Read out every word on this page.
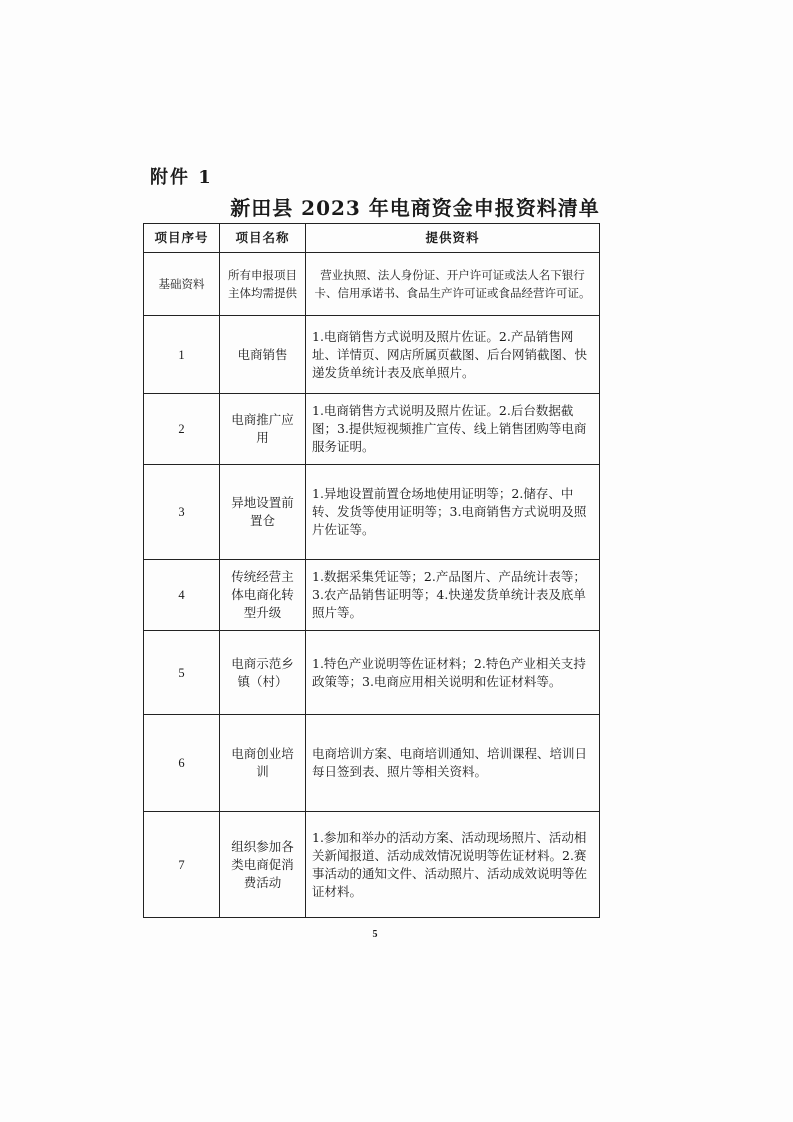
附件 1
新田县 2023 年电商资金申报资料清单
项目序号	项目名称	提供资料
基础资料	所有申报项目主体均需提供	营业执照、法人身份证、开户许可证或法人名下银行卡、信用承诺书、食品生产许可证或食品经营许可证。
1	电商销售	1.电商销售方式说明及照片佐证。2.产品销售网址、详情页、网店所属页截图、后台网销截图、快递发货单统计表及底单照片。
2	电商推广应用	1.电商销售方式说明及照片佐证。2.后台数据截图；3.提供短视频推广宣传、线上销售团购等电商服务证明。
3	异地设置前置仓	1.异地设置前置仓场地使用证明等；2.储存、中转、发货等使用证明等；3.电商销售方式说明及照片佐证等。
4	传统经营主体电商化转型升级	1.数据采集凭证等；2.产品图片、产品统计表等；3.农产品销售证明等；4.快递发货单统计表及底单照片等。
5	电商示范乡镇（村）	1.特色产业说明等佐证材料；2.特色产业相关支持政策等；3.电商应用相关说明和佐证材料等。
6	电商创业培训	电商培训方案、电商培训通知、培训课程、培训日每日签到表、照片等相关资料。
7	组织参加各类电商促消费活动	1.参加和举办的活动方案、活动现场照片、活动相关新闻报道、活动成效情况说明等佐证材料。2.赛事活动的通知文件、活动照片、活动成效说明等佐证材料。
5
